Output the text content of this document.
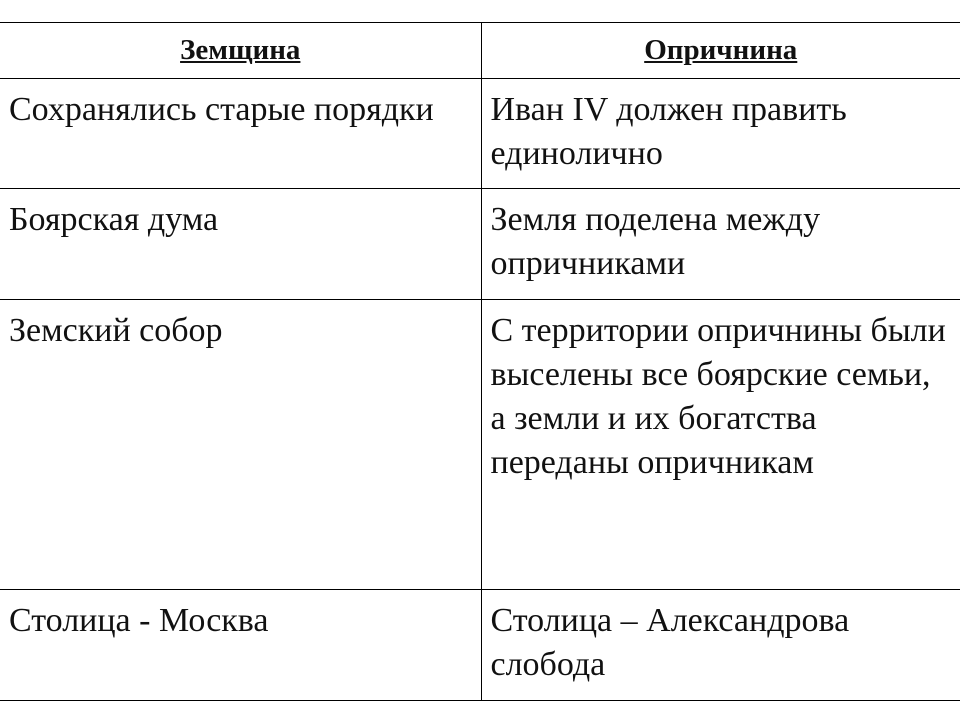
Земщина	Опричнина
Сохранялись старые порядки	Иван IV должен править единолично
Боярская дума	Земля поделена между опричниками
Земский собор	С территории опричнины были выселены все боярские семьи, а земли и их богатства переданы опричникам
Столица - Москва	Столица – Александрова слобода
